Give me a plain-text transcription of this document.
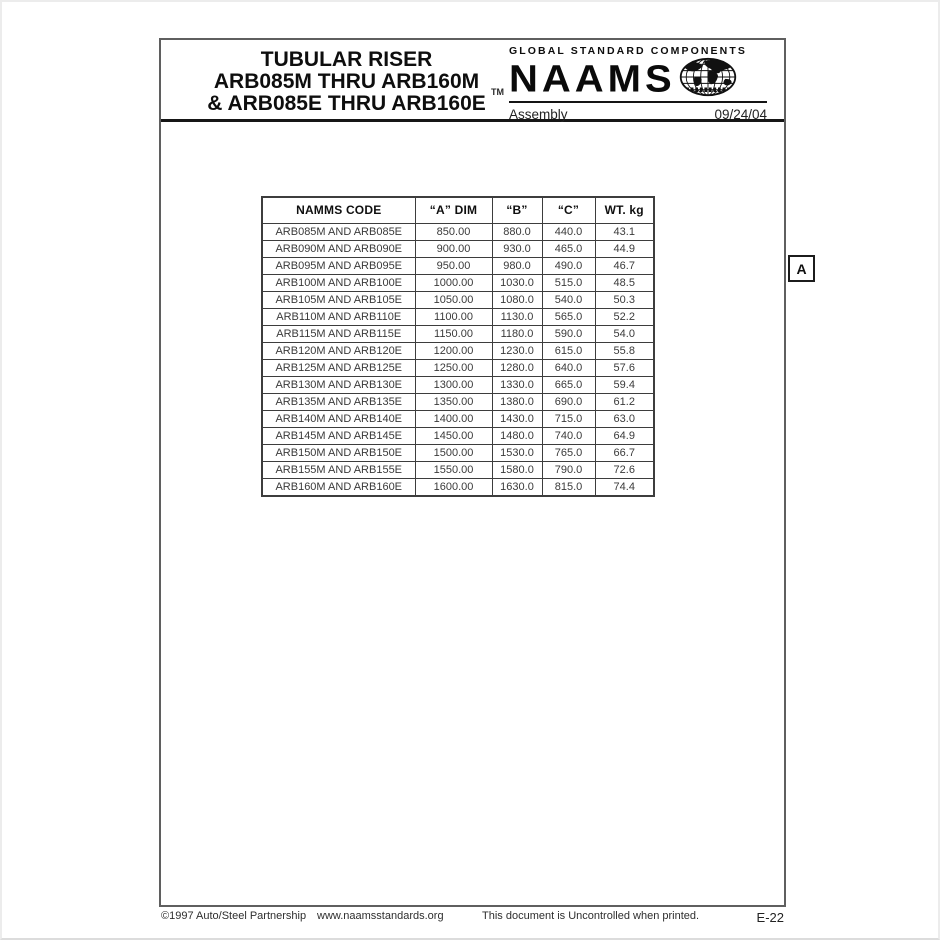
TUBULAR RISER
ARB085M THRU ARB160M
& ARB085E THRU ARB160E TM
GLOBAL STANDARD COMPONENTS
NAAMS
Assembly	09/24/04
NAMMS CODE	“A” DIM	“B”	“C”	WT. kg
ARB085M AND ARB085E	850.00	880.0	440.0	43.1
ARB090M AND ARB090E	900.00	930.0	465.0	44.9
ARB095M AND ARB095E	950.00	980.0	490.0	46.7
ARB100M AND ARB100E	1000.00	1030.0	515.0	48.5
ARB105M AND ARB105E	1050.00	1080.0	540.0	50.3
ARB110M AND ARB110E	1100.00	1130.0	565.0	52.2
ARB115M AND ARB115E	1150.00	1180.0	590.0	54.0
ARB120M AND ARB120E	1200.00	1230.0	615.0	55.8
ARB125M AND ARB125E	1250.00	1280.0	640.0	57.6
ARB130M AND ARB130E	1300.00	1330.0	665.0	59.4
ARB135M AND ARB135E	1350.00	1380.0	690.0	61.2
ARB140M AND ARB140E	1400.00	1430.0	715.0	63.0
ARB145M AND ARB145E	1450.00	1480.0	740.0	64.9
ARB150M AND ARB150E	1500.00	1530.0	765.0	66.7
ARB155M AND ARB155E	1550.00	1580.0	790.0	72.6
ARB160M AND ARB160E	1600.00	1630.0	815.0	74.4
A
©1997 Auto/Steel Partnership www.naamsstandards.org	This document is Uncontrolled when printed.	E-22
